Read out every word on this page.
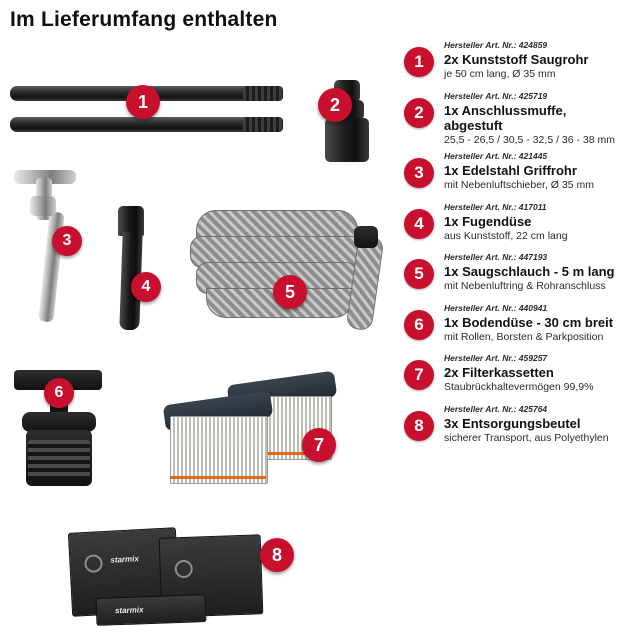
Im Lieferumfang enthalten
1	2
3
4	5
6
7
starmix
starmix
8
1
Hersteller Art. Nr.: 424859
2x Kunststoff Saugrohr
je 50 cm lang, Ø 35 mm
2
Hersteller Art. Nr.: 425719
1x Anschlussmuffe, abgestuft
25,5 - 26,5 / 30,5 - 32,5 / 36 - 38 mm
3
Hersteller Art. Nr.: 421445
1x Edelstahl Griffrohr
mit Nebenluftschieber, Ø 35 mm
4
Hersteller Art. Nr.: 417011
1x Fugendüse
aus Kunststoff, 22 cm lang
5
Hersteller Art. Nr.: 447193
1x Saugschlauch - 5 m lang
mit Nebenluftring & Rohranschluss
6
Hersteller Art. Nr.: 440941
1x Bodendüse - 30 cm breit
mit Rollen, Borsten & Parkposition
7
Hersteller Art. Nr.: 459257
2x Filterkassetten
Staubrückhaltevermögen 99,9%
8
Hersteller Art. Nr.: 425764
3x Entsorgungsbeutel
sicherer Transport, aus Polyethylen
